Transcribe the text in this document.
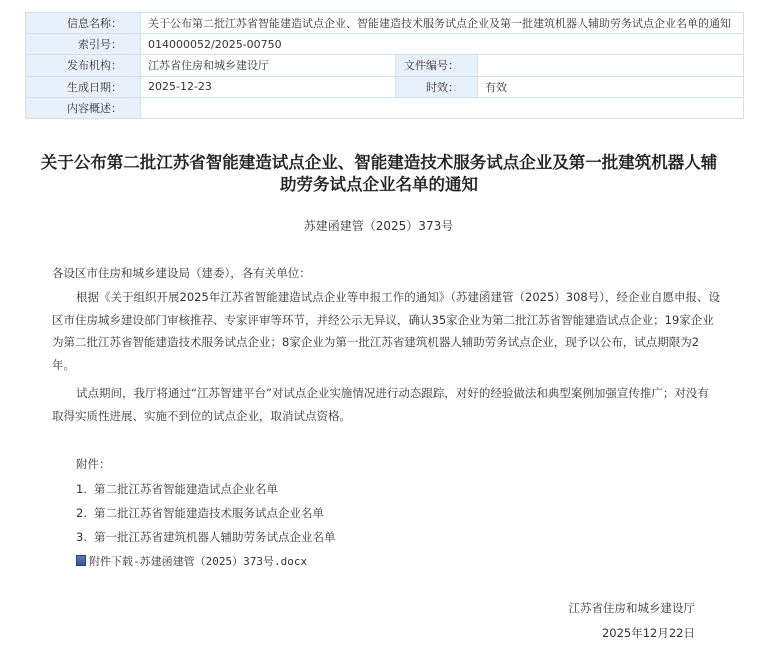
信息名称：	关于公布第二批江苏省智能建造试点企业、智能建造技术服务试点企业及第一批建筑机器人辅助劳务试点企业名单的通知		
索引号：	014000052/2025-00750		
发布机构：	江苏省住房和城乡建设厅	文件编号：	
生成日期：	2025-12-23	时效：	有效
内容概述：			
关于公布第二批江苏省智能建造试点企业、智能建造技术服务试点企业及第一批建筑机器人辅助劳务试点企业名单的通知
苏建函建管（2025）373号

各设区市住房和城乡建设局（建委），各有关单位：

根据《关于组织开展2025年江苏省智能建造试点企业等申报工作的通知》（苏建函建管（2025）308号），经企业自愿申报、设区市住房城乡建设部门审核推荐、专家评审等环节，并经公示无异议，确认35家企业为第二批江苏省智能建造试点企业；19家企业为第二批江苏省智能建造技术服务试点企业；8家企业为第一批江苏省建筑机器人辅助劳务试点企业，现予以公布，试点期限为2年。

试点期间，我厅将通过“江苏智建平台”对试点企业实施情况进行动态跟踪，对好的经验做法和典型案例加强宣传推广；对没有取得实质性进展、实施不到位的试点企业，取消试点资格。

附件：
1. 第二批江苏省智能建造试点企业名单
2. 第二批江苏省智能建造技术服务试点企业名单
3. 第一批江苏省建筑机器人辅助劳务试点企业名单
附件下载-苏建函建管（2025）373号.docx
江苏省住房和城乡建设厅
2025年12月22日
